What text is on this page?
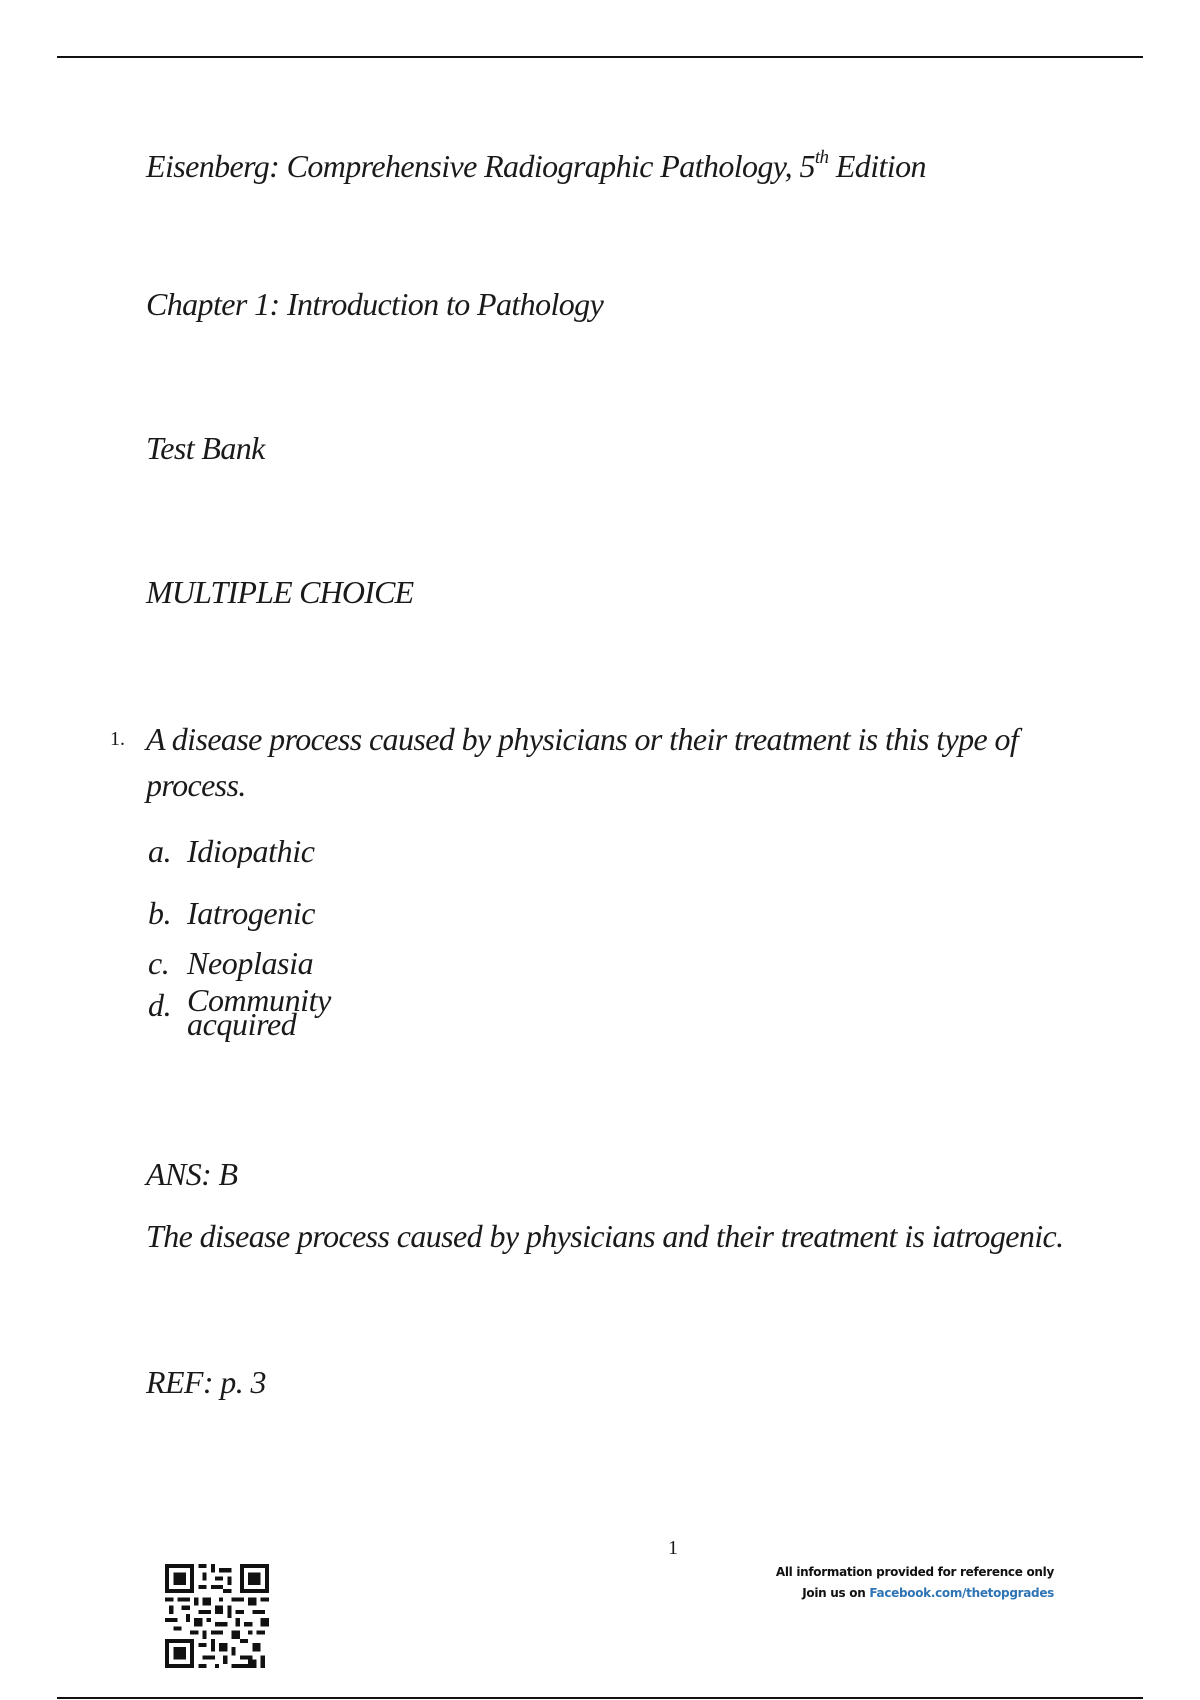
Eisenberg: Comprehensive Radiographic Pathology, 5th Edition
Chapter 1: Introduction to Pathology
Test Bank
MULTIPLE CHOICE
1. A disease process caused by physicians or their treatment is this type of process.
a. Idiopathic
b. Iatrogenic
c. Neoplasia
d. Community acquired
ANS: B
The disease process caused by physicians and their treatment is iatrogenic.
REF: p. 3
1
All information provided for reference only
Join us on Facebook.com/thetopgrades
